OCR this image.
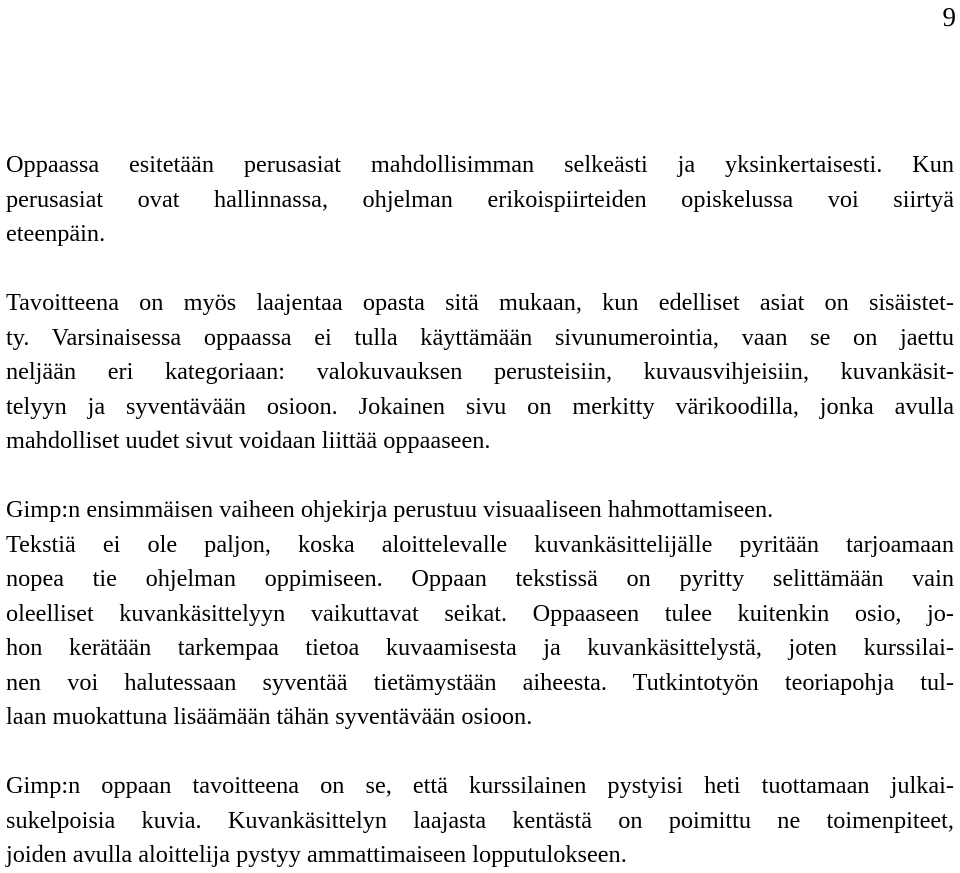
9
Oppaassa esitetään perusasiat mahdollisimman selkeästi ja yksinkertaisesti. Kun
perusasiat ovat hallinnassa, ohjelman erikoispiirteiden opiskelussa voi siirtyä
eteenpäin.
Tavoitteena on myös laajentaa opasta sitä mukaan, kun edelliset asiat on sisäistet-
ty. Varsinaisessa oppaassa ei tulla käyttämään sivunumerointia, vaan se on jaettu
neljään eri kategoriaan: valokuvauksen perusteisiin, kuvausvihjeisiin, kuvankäsit-
telyyn ja syventävään osioon. Jokainen sivu on merkitty värikoodilla, jonka avulla
mahdolliset uudet sivut voidaan liittää oppaaseen.
Gimp:n ensimmäisen vaiheen ohjekirja perustuu visuaaliseen hahmottamiseen.
Tekstiä ei ole paljon, koska aloittelevalle kuvankäsittelijälle pyritään tarjoamaan
nopea tie ohjelman oppimiseen. Oppaan tekstissä on pyritty selittämään vain
oleelliset kuvankäsittelyyn vaikuttavat seikat. Oppaaseen tulee kuitenkin osio, jo-
hon kerätään tarkempaa tietoa kuvaamisesta ja kuvankäsittelystä, joten kurssilai-
nen voi halutessaan syventää tietämystään aiheesta. Tutkintotyön teoriapohja tul-
laan muokattuna lisäämään tähän syventävään osioon.
Gimp:n oppaan tavoitteena on se, että kurssilainen pystyisi heti tuottamaan julkai-
sukelpoisia kuvia. Kuvankäsittelyn laajasta kentästä on poimittu ne toimenpiteet,
joiden avulla aloittelija pystyy ammattimaiseen lopputulokseen.
